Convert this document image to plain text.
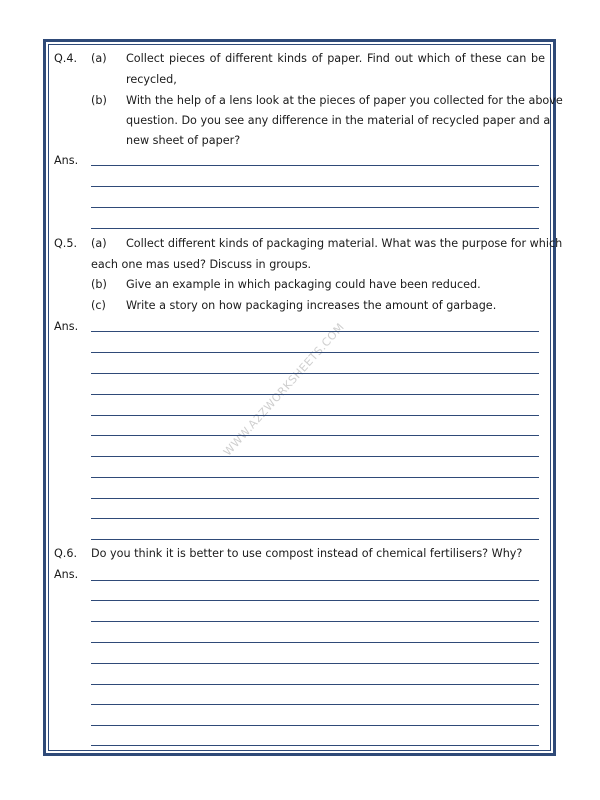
WWW.A2ZWORKSHEETS.COM
Q.4. (a) Collect pieces of different kinds of paper. Find out which of these can be
recycled,
(b) With the help of a lens look at the pieces of paper you collected for the above
question. Do you see any difference in the material of recycled paper and a
new sheet of paper?
Ans.
Q.5. (a) Collect different kinds of packaging material. What was the purpose for which
each one mas used? Discuss in groups.
(b) Give an example in which packaging could have been reduced.
(c) Write a story on how packaging increases the amount of garbage.
Ans.
Q.6. Do you think it is better to use compost instead of chemical fertilisers? Why?
Ans.
